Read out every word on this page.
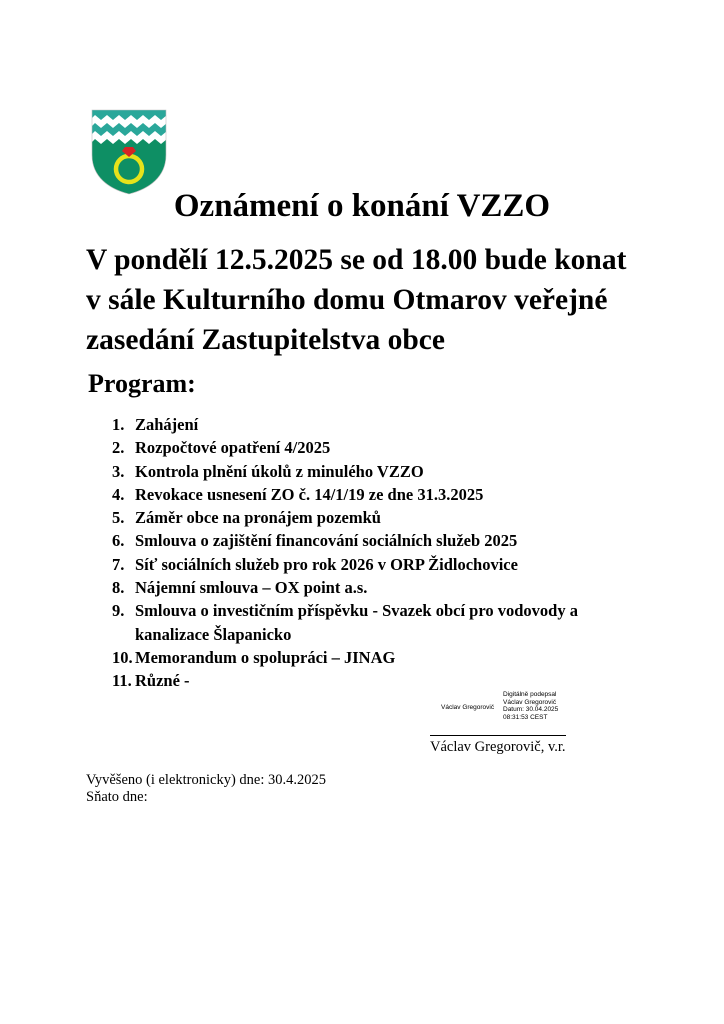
Oznámení o konání VZZO
V pondělí 12.5.2025 se od 18.00 bude konat
v sále Kulturního domu Otmarov veřejné
zasedání Zastupitelstva obce
Program:
1. Zahájení
2. Rozpočtové opatření 4/2025
3. Kontrola plnění úkolů z minulého VZZO
4. Revokace usnesení ZO č. 14/1/19 ze dne 31.3.2025
5. Záměr obce na pronájem pozemků
6. Smlouva o zajištění financování sociálních služeb 2025
7. Síť sociálních služeb pro rok 2026 v ORP Židlochovice
8. Nájemní smlouva – OX point a.s.
9. Smlouva o investičním příspěvku - Svazek obcí pro vodovody a
kanalizace Šlapanicko
10. Memorandum o spolupráci – JINAG
11. Různé -
Václav Gregorovič
Digitálně podepsal
Václav Gregorovič
Datum: 30.04.2025
08:31:53 CEST
Václav Gregorovič, v.r.
Vyvěšeno (i elektronicky) dne: 30.4.2025
Sňato dne:
